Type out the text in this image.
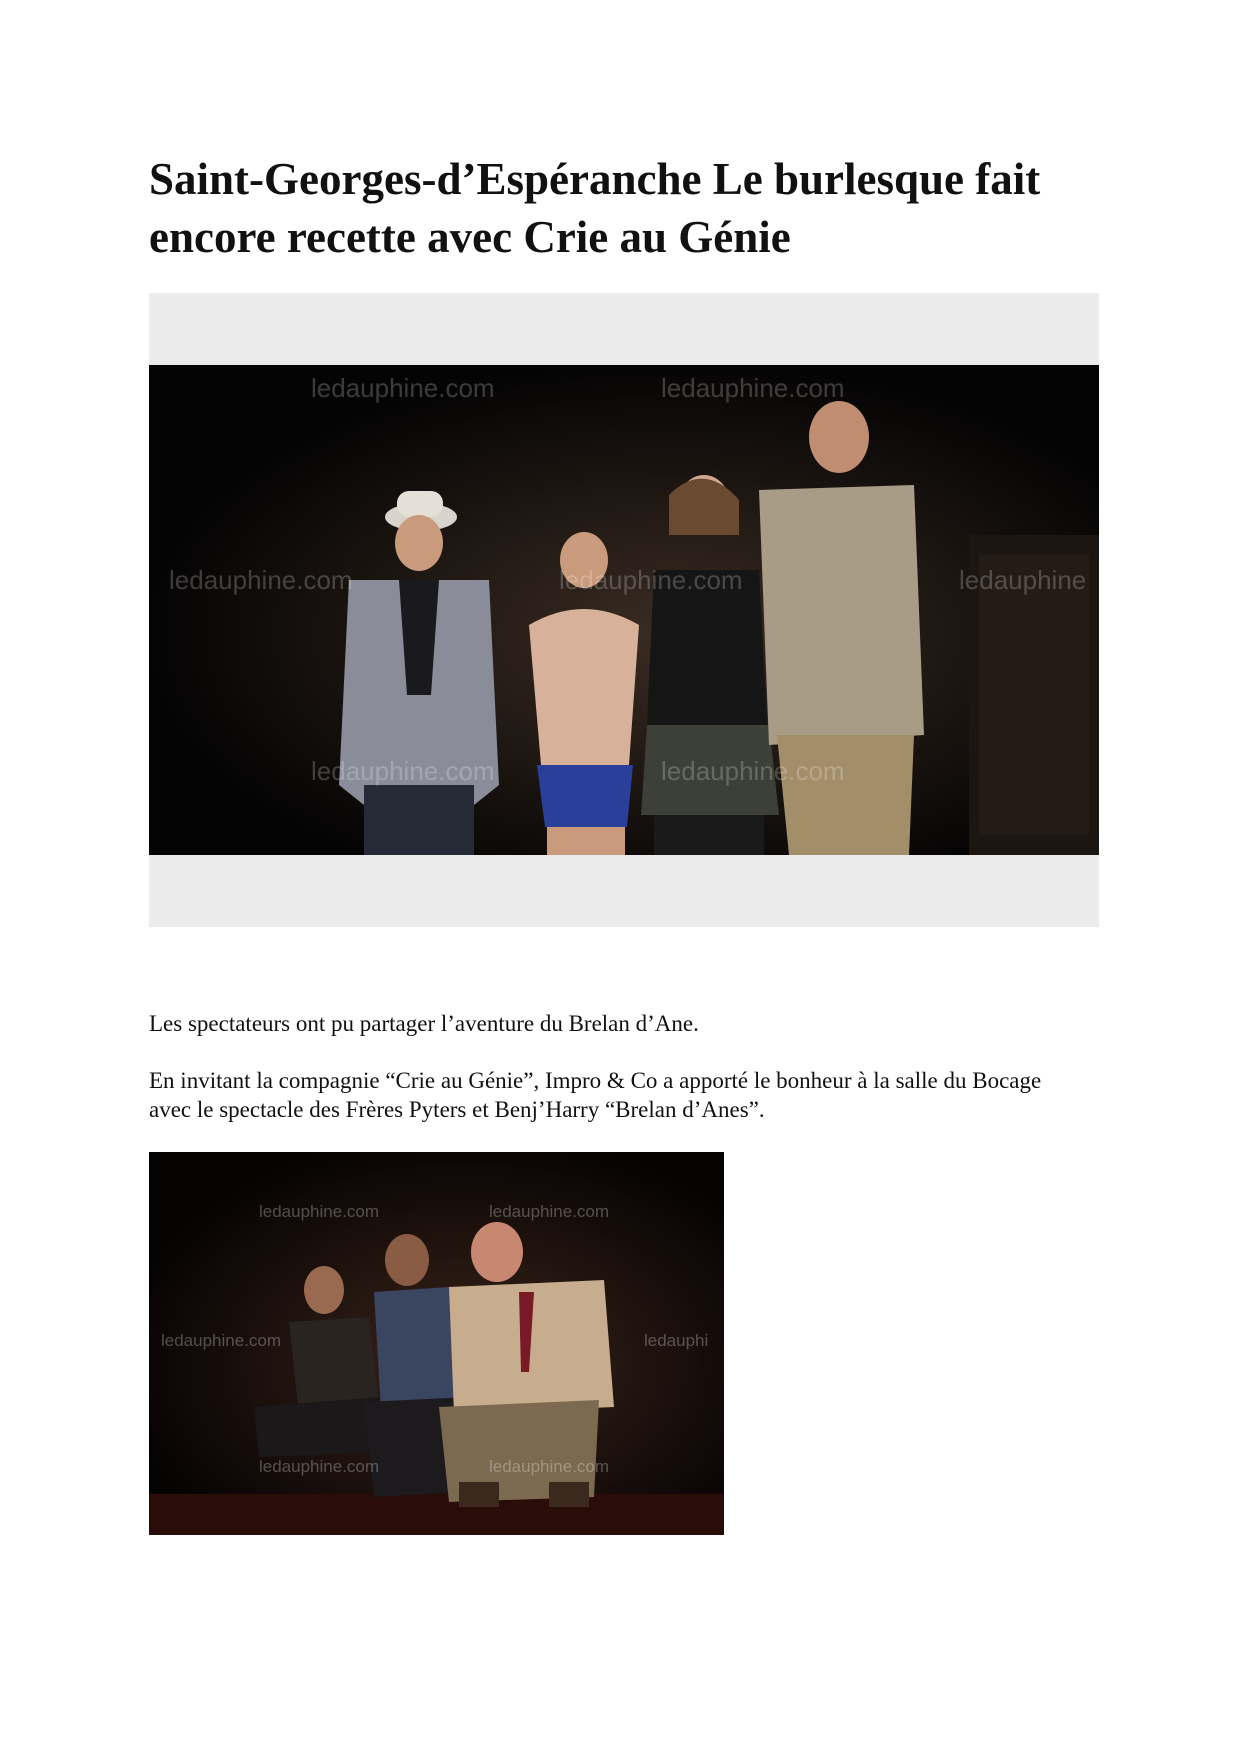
Saint-Georges-d’Espéranche Le burlesque fait encore recette avec Crie au Génie
ledauphine.com	ledauphine.com
ledauphine.com	ledauphine.com	ledauphine
ledauphine.com	ledauphine.com

Les spectateurs ont pu partager l’aventure du Brelan d’Ane.

En invitant la compagnie “Crie au Génie”, Impro & Co a apporté le bonheur à la salle du Bocage avec le spectacle des Frères Pyters et Benj’Harry “Brelan d’Anes”.

ledauphine.com	ledauphine.com
ledauphine.com	ledauphi
ledauphine.com	ledauphine.com
